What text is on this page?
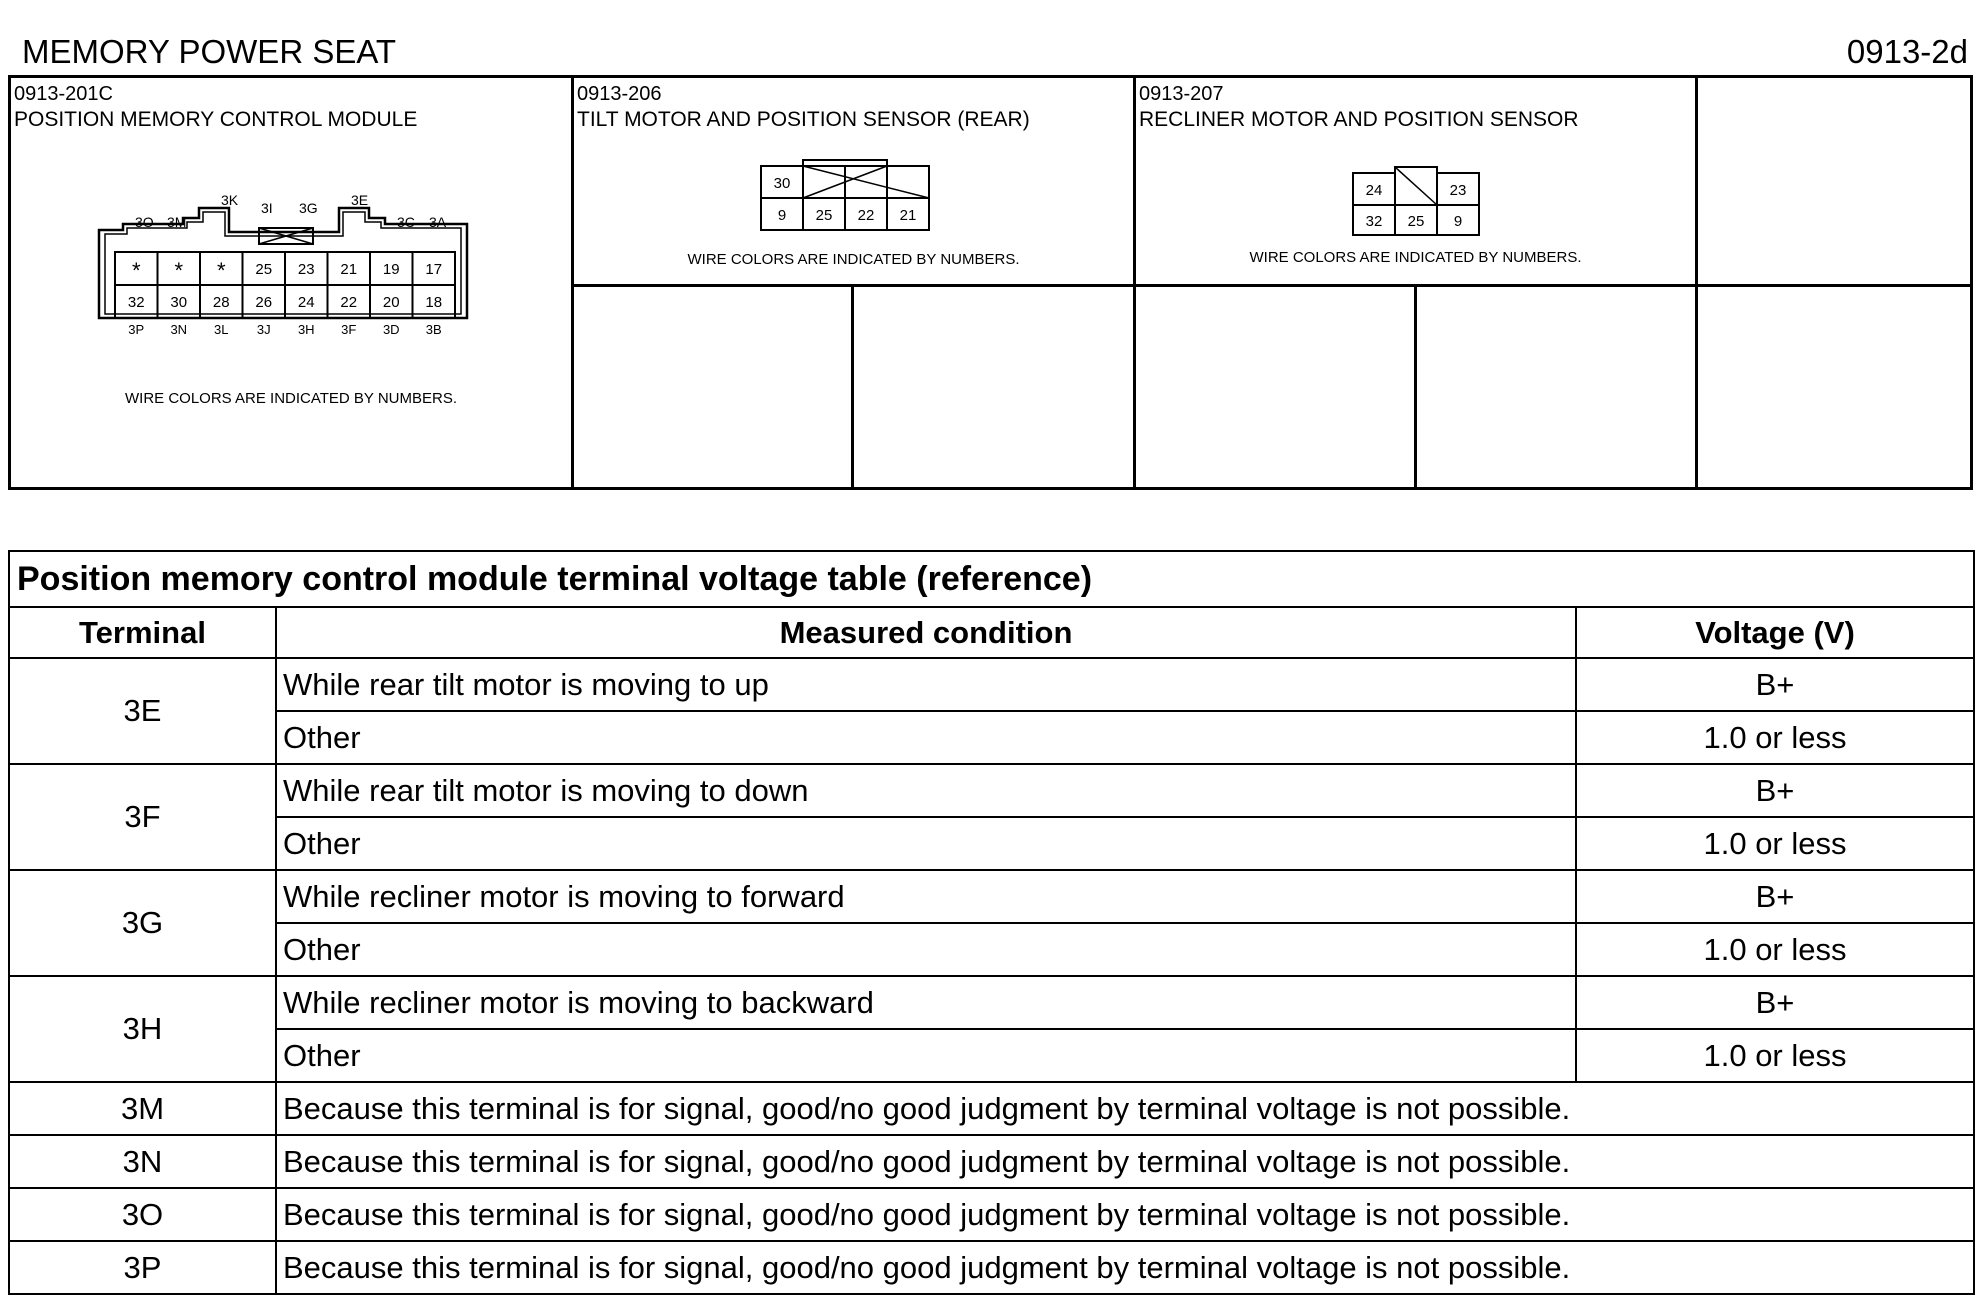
MEMORY POWER SEAT	0913-2d
0913-201C
POSITION MEMORY CONTROL MODULE
* * * 25 23 21 19 17
32 30 28 26 24 22 20 18
3P 3N 3L 3J 3H 3F 3D 3B
3K 3I 3G 3E
3O 3M	3C 3A
WIRE COLORS ARE INDICATED BY NUMBERS.
0913-206
TILT MOTOR AND POSITION SENSOR (REAR)
30
9 25 22 21
WIRE COLORS ARE INDICATED BY NUMBERS.
0913-207
RECLINER MOTOR AND POSITION SENSOR
24	23
32 25 9
WIRE COLORS ARE INDICATED BY NUMBERS.
Position memory control module terminal voltage table (reference)		
Terminal	Measured condition	Voltage (V)
3E	While rear tilt motor is moving to up	B+
	Other	1.0 or less
3F	While rear tilt motor is moving to down	B+
	Other	1.0 or less
3G	While recliner motor is moving to forward	B+
	Other	1.0 or less
3H	While recliner motor is moving to backward	B+
	Other	1.0 or less
3M	Because this terminal is for signal, good/no good judgment by terminal voltage is not possible.	
3N	Because this terminal is for signal, good/no good judgment by terminal voltage is not possible.	
3O	Because this terminal is for signal, good/no good judgment by terminal voltage is not possible.	
3P	Because this terminal is for signal, good/no good judgment by terminal voltage is not possible.	
